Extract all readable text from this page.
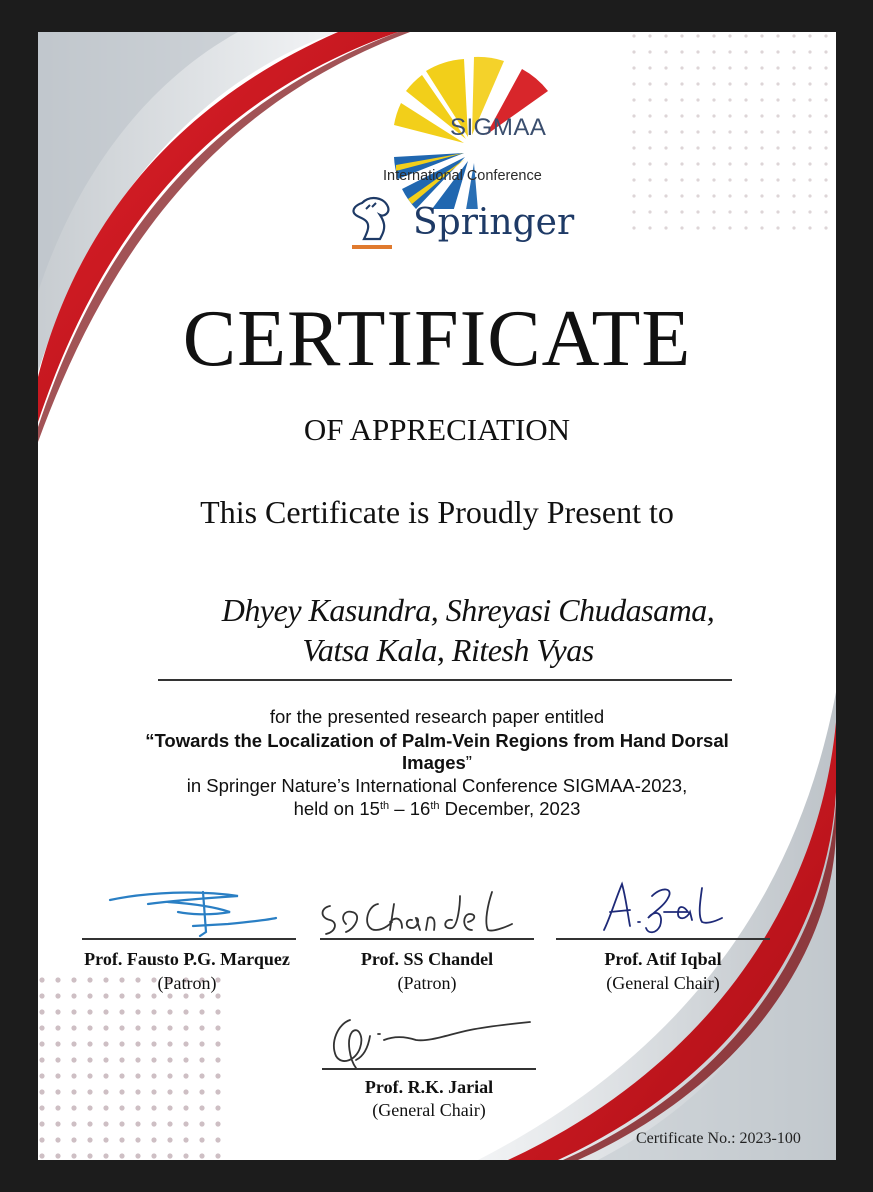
SIGMAA
International Conference
Springer
CERTIFICATE
OF APPRECIATION
This Certificate is Proudly Present to
Dhyey Kasundra, Shreyasi Chudasama,
Vatsa Kala, Ritesh Vyas
for the presented research paper entitled
“Towards the Localization of Palm-Vein Regions from Hand Dorsal
Images”
in Springer Nature’s International Conference SIGMAA-2023,
held on 15th – 16th December, 2023
Prof. Fausto P.G. Marquez
(Patron)
Prof. SS Chandel
(Patron)
Prof. Atif Iqbal
(General Chair)
Prof. R.K. Jarial
(General Chair)
Certificate No.: 2023-100
